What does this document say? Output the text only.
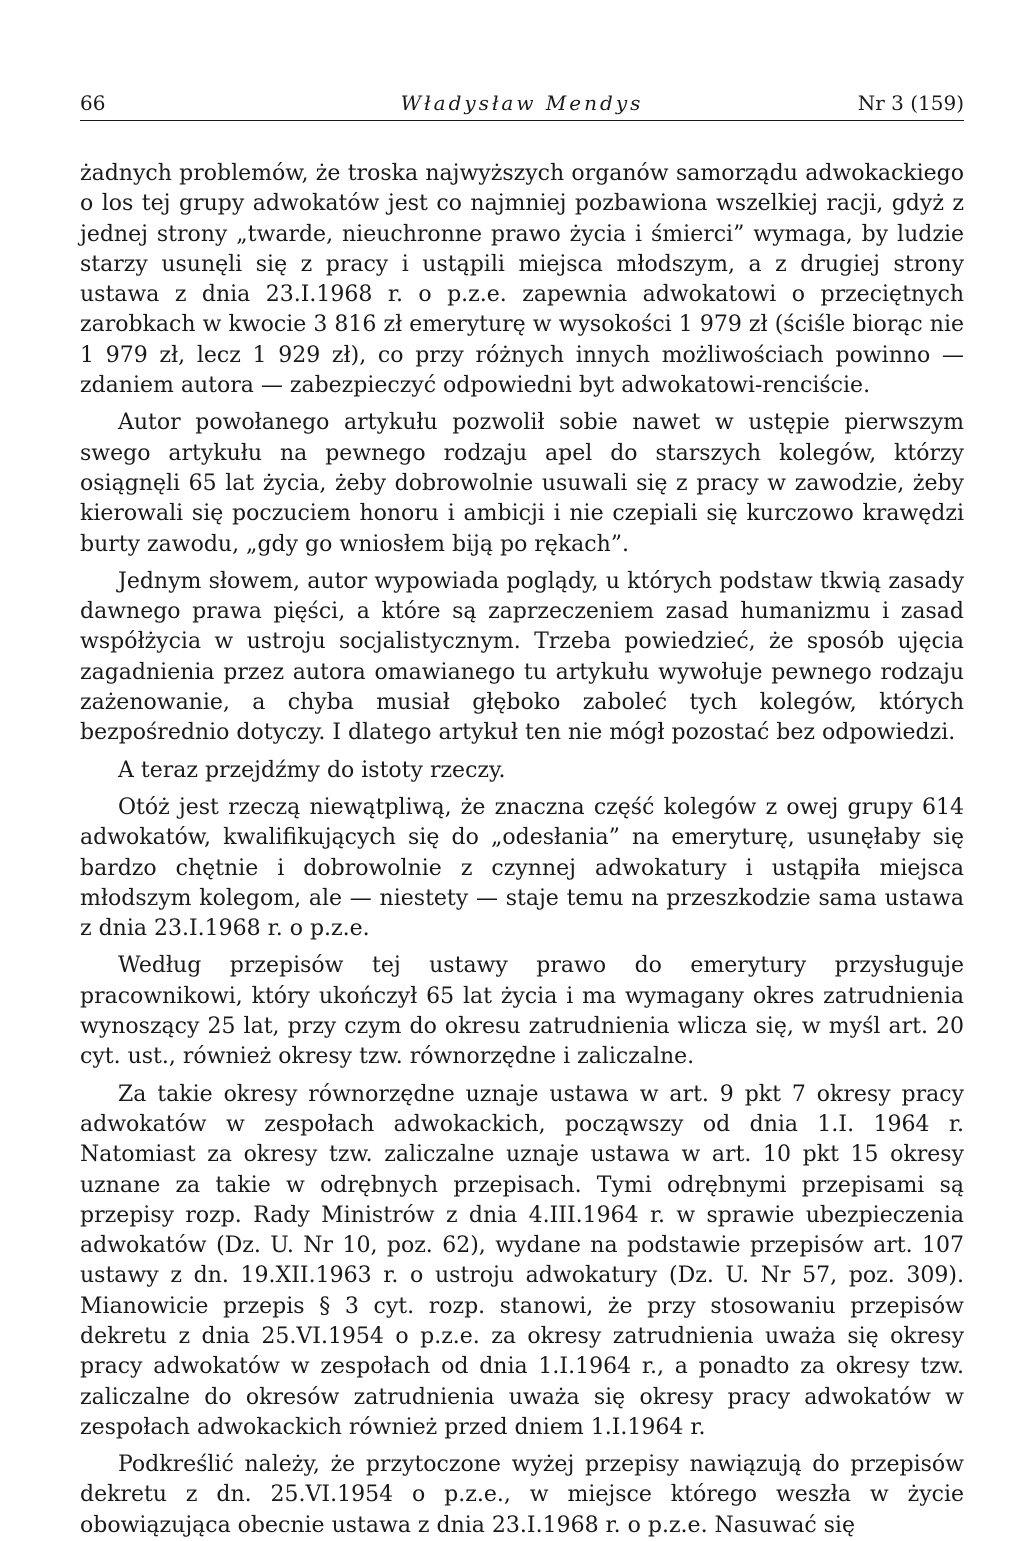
66	Władysław Mendys	Nr 3 (159)

żadnych problemów, że troska najwyższych organów samorządu adwokackiego o los tej grupy adwokatów jest co najmniej pozbawiona wszelkiej racji, gdyż z jednej strony „twarde, nieuchronne prawo życia i śmierci” wymaga, by ludzie starzy usunęli się z pracy i ustąpili miejsca młodszym, a z drugiej strony ustawa z dnia 23.I.1968 r. o p.z.e. zapewnia adwokatowi o przeciętnych zarobkach w kwocie 3 816 zł emeryturę w wysokości 1 979 zł (ściśle biorąc nie 1 979 zł, lecz 1 929 zł), co przy różnych innych możliwościach powinno — zdaniem autora — zabezpieczyć odpowiedni byt adwokatowi-renciście.

Autor powołanego artykułu pozwolił sobie nawet w ustępie pierwszym swego artykułu na pewnego rodzaju apel do starszych kolegów, którzy osiągnęli 65 lat życia, żeby dobrowolnie usuwali się z pracy w zawodzie, żeby kierowali się poczuciem honoru i ambicji i nie czepiali się kurczowo krawędzi burty zawodu, „gdy go wniosłem biją po rękach”.

Jednym słowem, autor wypowiada poglądy, u których podstaw tkwią zasady dawnego prawa pięści, a które są zaprzeczeniem zasad humanizmu i zasad współżycia w ustroju socjalistycznym. Trzeba powiedzieć, że sposób ujęcia zagadnienia przez autora omawianego tu artykułu wywołuje pewnego rodzaju zażenowanie, a chyba musiał głęboko zaboleć tych kolegów, których bezpośrednio dotyczy. I dlatego artykuł ten nie mógł pozostać bez odpowiedzi.

A teraz przejdźmy do istoty rzeczy.

Otóż jest rzeczą niewątpliwą, że znaczna część kolegów z owej grupy 614 adwokatów, kwalifikujących się do „odesłania” na emeryturę, usunęłaby się bardzo chętnie i dobrowolnie z czynnej adwokatury i ustąpiła miejsca młodszym kolegom, ale — niestety — staje temu na przeszkodzie sama ustawa z dnia 23.I.1968 r. o p.z.e.

Według przepisów tej ustawy prawo do emerytury przysługuje pracownikowi, który ukończył 65 lat życia i ma wymagany okres zatrudnienia wynoszący 25 lat, przy czym do okresu zatrudnienia wlicza się, w myśl art. 20 cyt. ust., również okresy tzw. równorzędne i zaliczalne.

Za takie okresy równorzędne uznaje ustawa w art. 9 pkt 7 okresy pracy adwokatów w zespołach adwokackich, począwszy od dnia 1.I. 1964 r. Natomiast za okresy tzw. zaliczalne uznaje ustawa w art. 10 pkt 15 okresy uznane za takie w odrębnych przepisach. Tymi odrębnymi przepisami są przepisy rozp. Rady Ministrów z dnia 4.III.1964 r. w sprawie ubezpieczenia adwokatów (Dz. U. Nr 10, poz. 62), wydane na podstawie przepisów art. 107 ustawy z dn. 19.XII.1963 r. o ustroju adwokatury (Dz. U. Nr 57, poz. 309). Mianowicie przepis § 3 cyt. rozp. stanowi, że przy stosowaniu przepisów dekretu z dnia 25.VI.1954 o p.z.e. za okresy zatrudnienia uważa się okresy pracy adwokatów w zespołach od dnia 1.I.1964 r., a ponadto za okresy tzw. zaliczalne do okresów zatrudnienia uważa się okresy pracy adwokatów w zespołach adwokackich również przed dniem 1.I.1964 r.

Podkreślić należy, że przytoczone wyżej przepisy nawiązują do przepisów dekretu z dn. 25.VI.1954 o p.z.e., w miejsce którego weszła w życie obowiązująca obecnie ustawa z dnia 23.I.1968 r. o p.z.e. Nasuwać się
